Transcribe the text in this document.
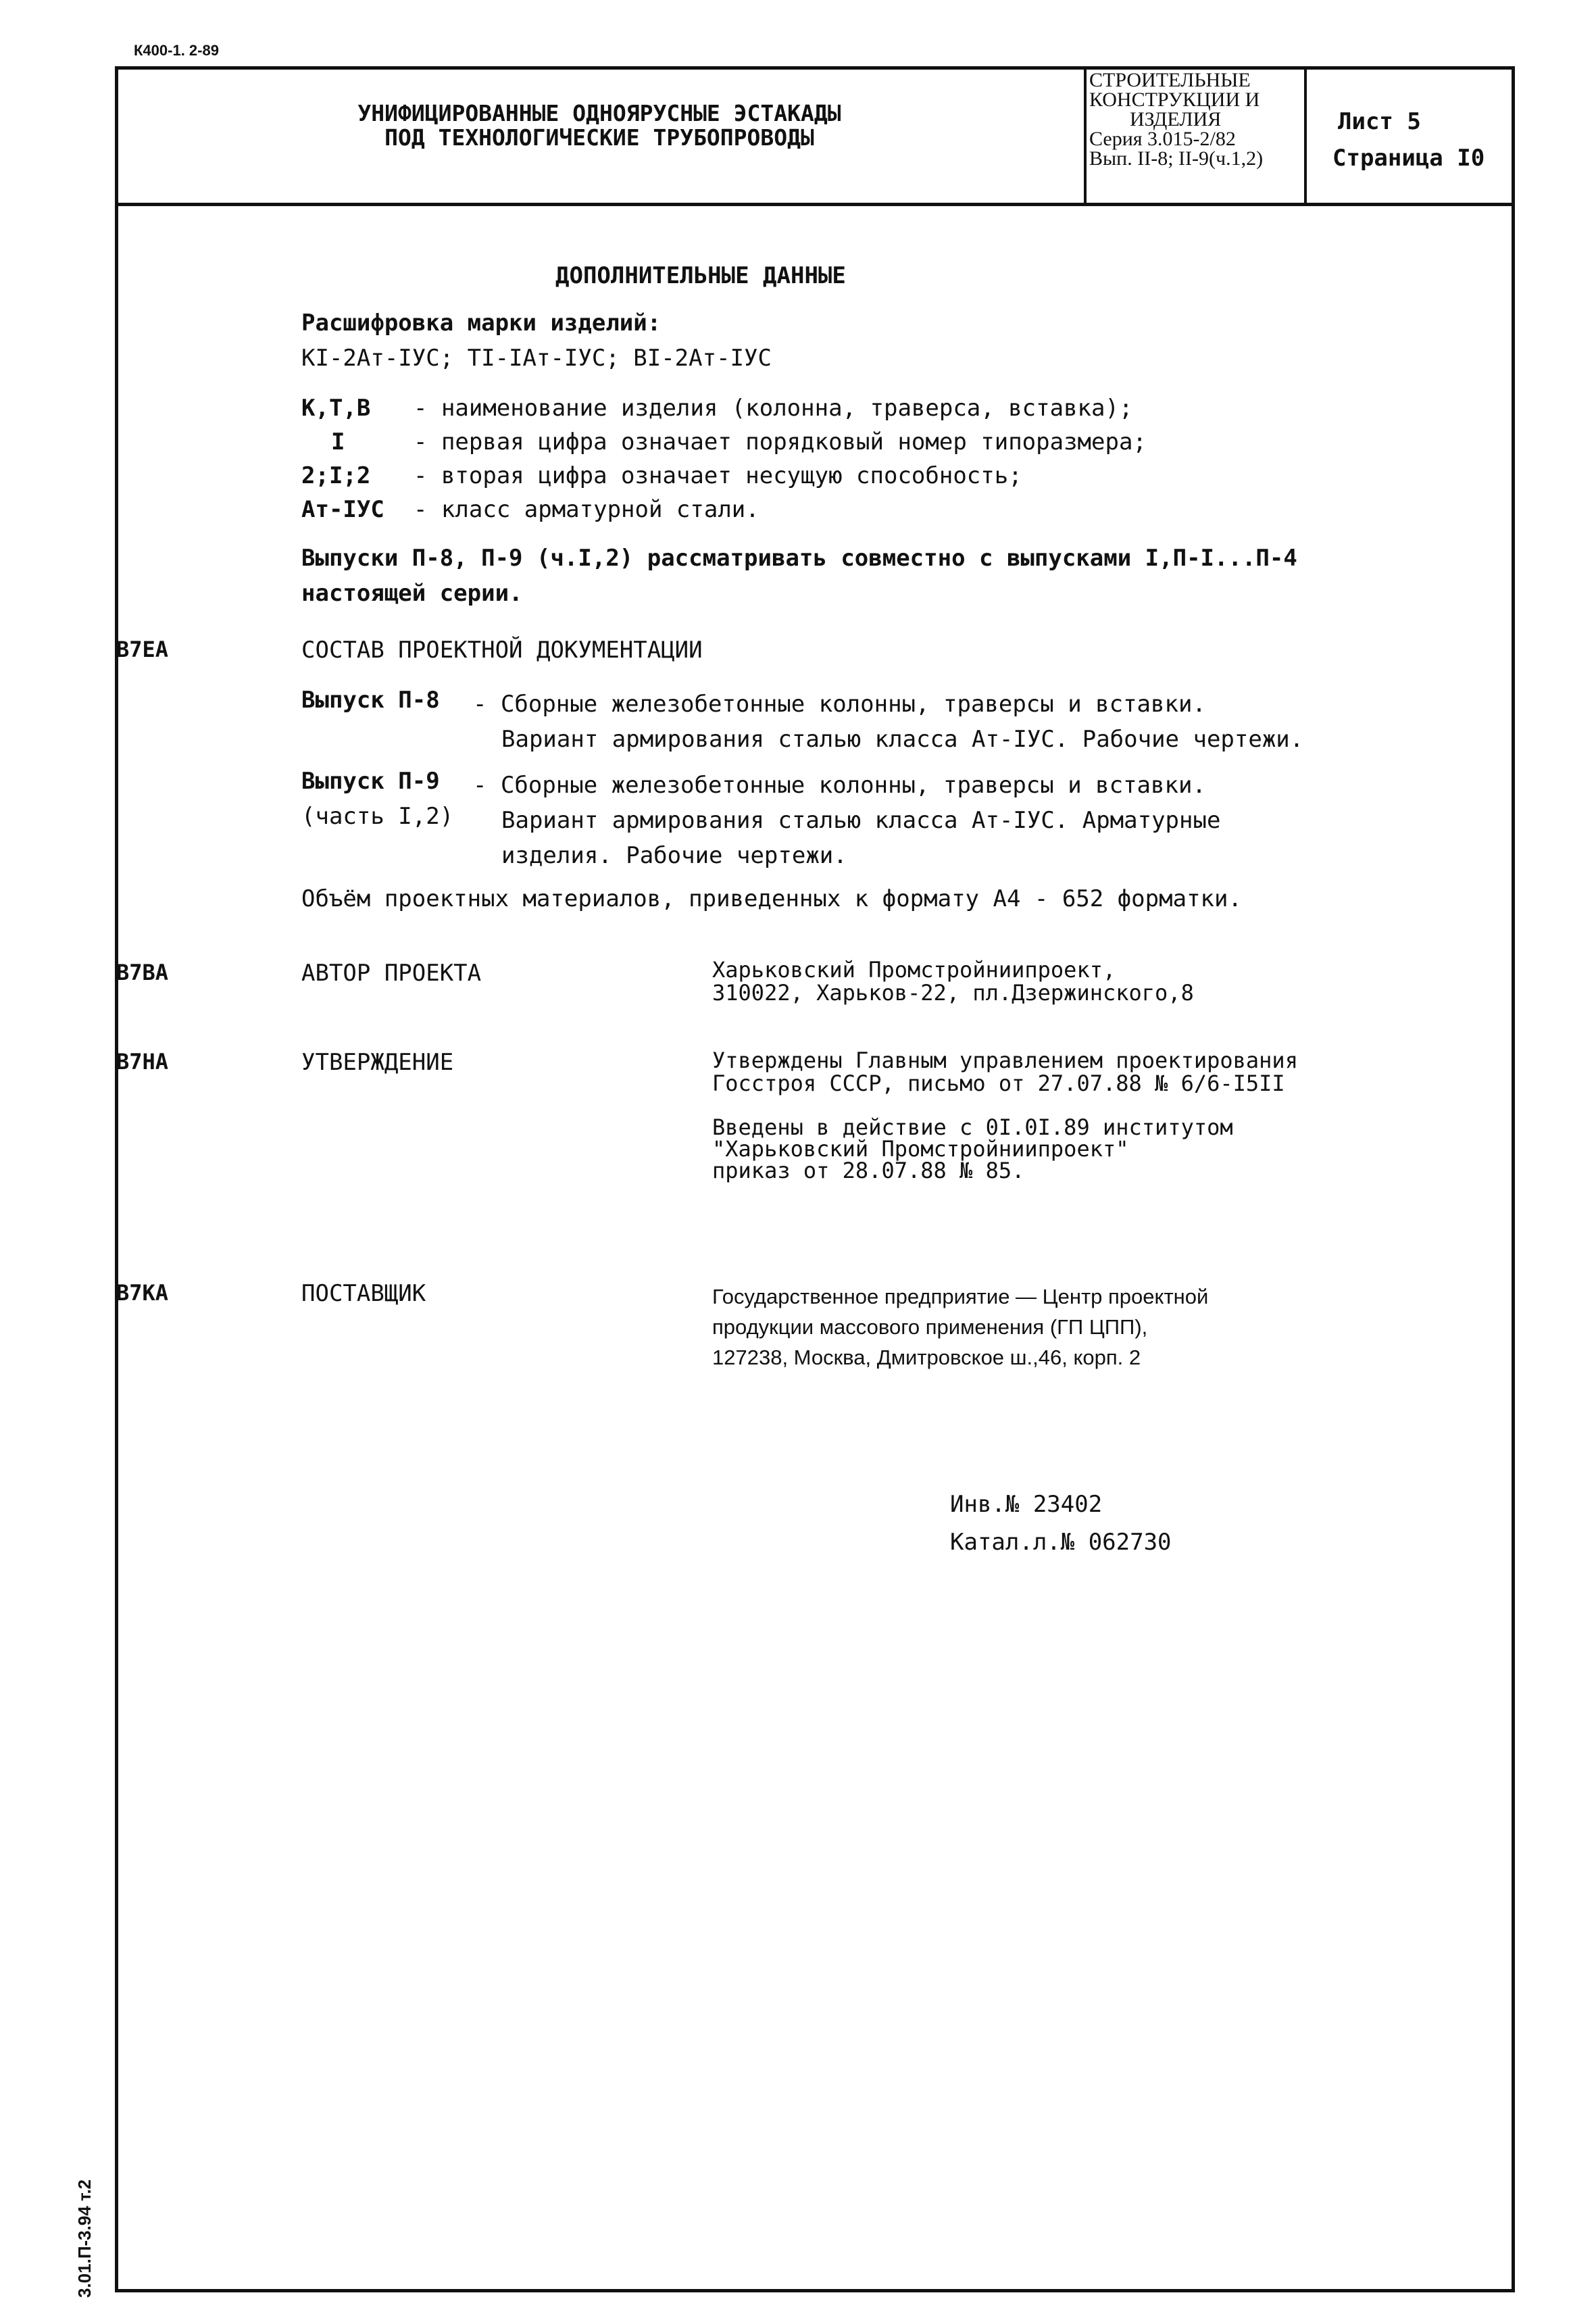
К400-1. 2-89
УНИФИЦИРОВАННЫЕ ОДНОЯРУСНЫЕ ЭСТАКАДЫ
ПОД ТЕХНОЛОГИЧЕСКИЕ ТРУБОПРОВОДЫ
СТРОИТЕЛЬНЫЕ
КОНСТРУКЦИИ И
ИЗДЕЛИЯ
Серия 3.015-2/82
Вып. II-8; II-9(ч.1,2)
Лист 5
Страница I0
ДОПОЛНИТЕЛЬНЫЕ ДАННЫЕ
Расшифровка марки изделий:
КI-2Ат-IУС; ТI-IАт-IУС; ВI-2Ат-IУС
К,Т,В - наименование изделия (колонна, траверса, вставка);
I	- первая цифра означает порядковый номер типоразмера;
2;I;2 - вторая цифра означает несущую способность;
Ат-IУС - класс арматурной стали.
Выпуски П-8, П-9 (ч.I,2) рассматривать совместно с выпусками I,П-I...П-4
настоящей серии.
В7ЕА	СОСТАВ ПРОЕКТНОЙ ДОКУМЕНТАЦИИ
Выпуск П-8 - Сборные железобетонные колонны, траверсы и вставки.
Вариант армирования сталью класса Ат-IУС. Рабочие чертежи.
Выпуск П-9
(часть I,2)
- Сборные железобетонные колонны, траверсы и вставки.
Вариант армирования сталью класса Ат-IУС. Арматурные
изделия. Рабочие чертежи.
Объём проектных материалов, приведенных к формату А4 - 652 форматки.
В7ВА	АВТОР ПРОЕКТА	Харьковский Промстройниипроект,
310022, Харьков-22, пл.Дзержинского,8
В7НА	УТВЕРЖДЕНИЕ	Утверждены Главным управлением проектирования
Госстроя СССР, письмо от 27.07.88 № 6/6-I5II
Введены в действие с 0I.0I.89 институтом
"Харьковский Промстройниипроект"
приказ от 28.07.88 № 85.
В7КА	ПОСТАВЩИК	Государственное предприятие — Центр проектной
продукции массового применения (ГП ЦПП),
127238, Москва, Дмитровское ш.,46, корп. 2
Инв.№ 23402
Катал.л.№ 062730
3.01.П-3.94 т.2
